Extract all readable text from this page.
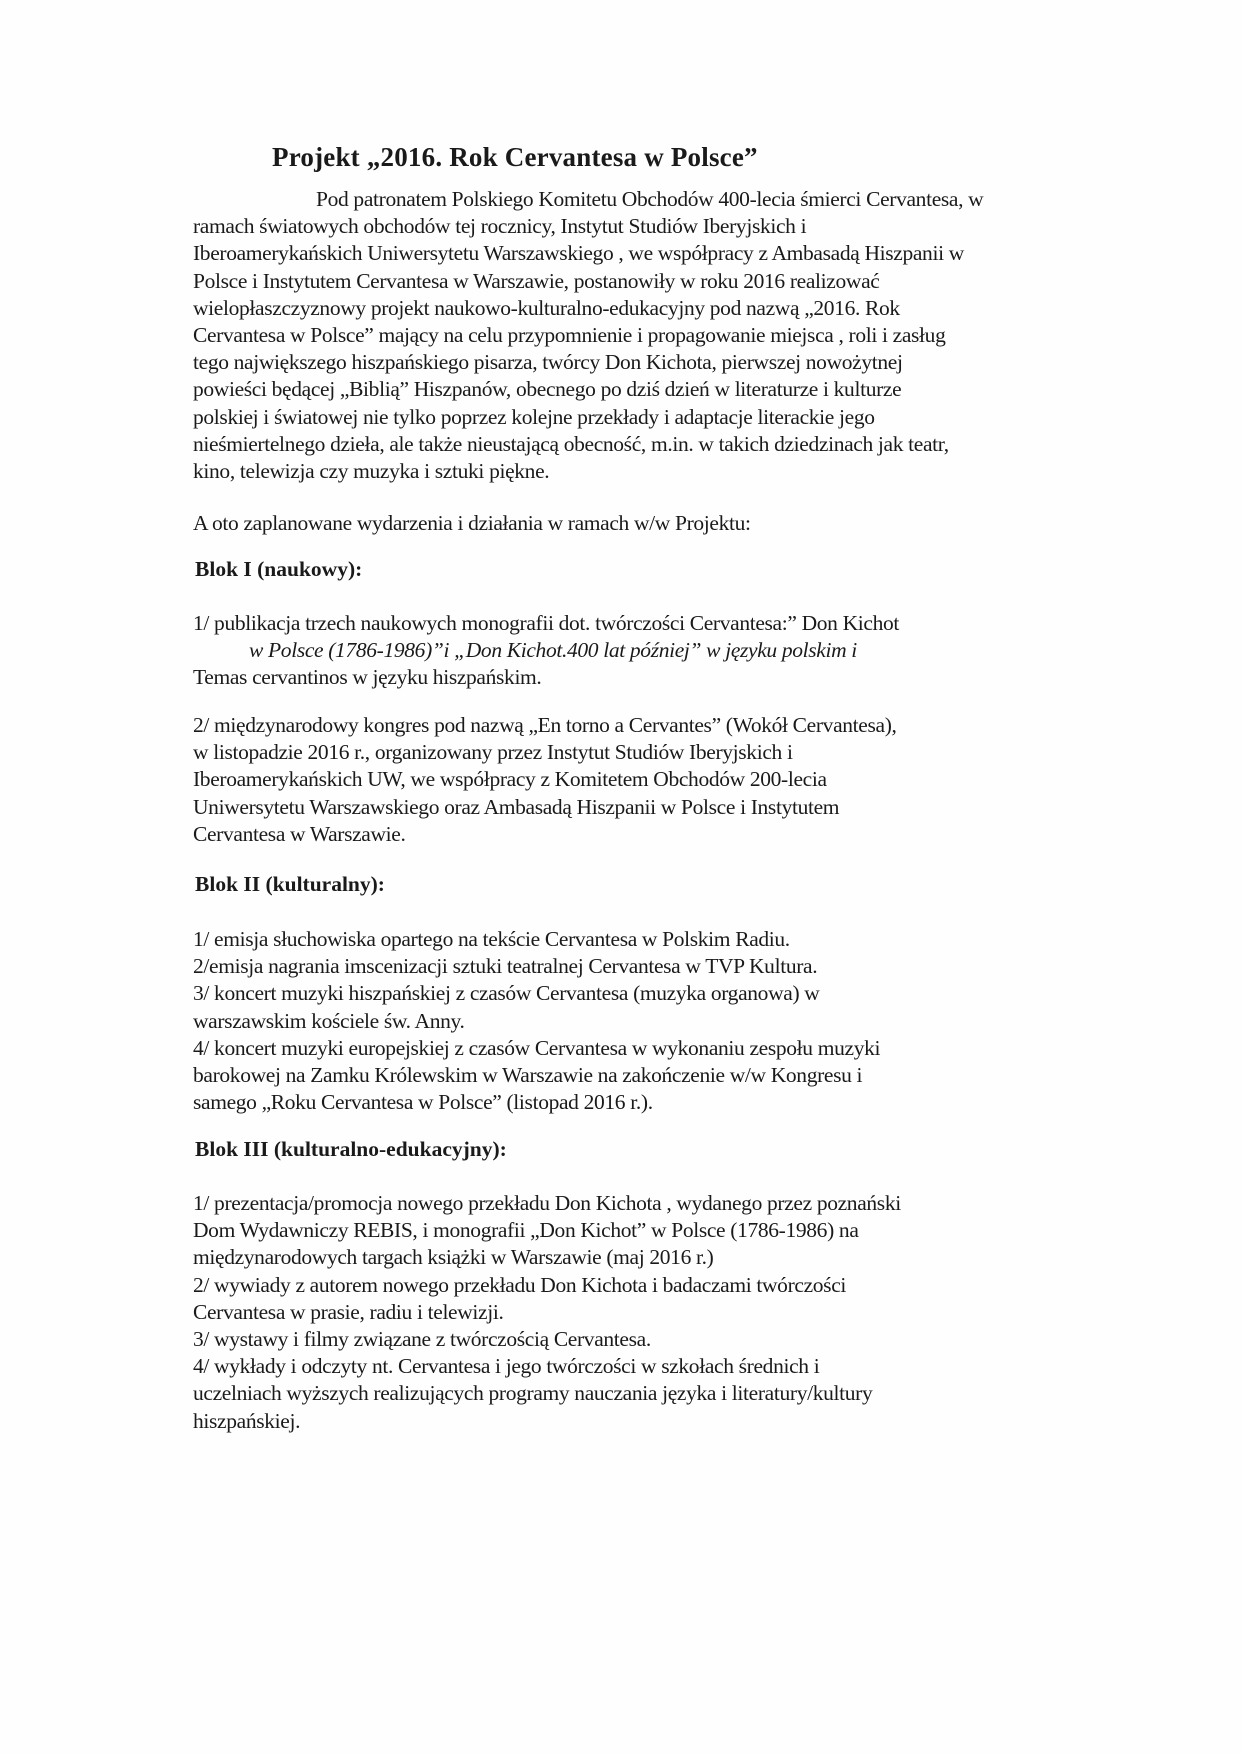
Projekt „2016. Rok Cervantesa w Polsce”
Pod patronatem Polskiego Komitetu Obchodów 400-lecia śmierci Cervantesa, w
ramach światowych obchodów tej rocznicy, Instytut Studiów Iberyjskich i
Iberoamerykańskich Uniwersytetu Warszawskiego , we współpracy z Ambasadą Hiszpanii w
Polsce i Instytutem Cervantesa w Warszawie, postanowiły w roku 2016 realizować
wielopłaszczyznowy projekt naukowo-kulturalno-edukacyjny pod nazwą „2016. Rok
Cervantesa w Polsce” mający na celu przypomnienie i propagowanie miejsca , roli i zasług
tego największego hiszpańskiego pisarza, twórcy Don Kichota, pierwszej nowożytnej
powieści będącej „Biblią” Hiszpanów, obecnego po dziś dzień w literaturze i kulturze
polskiej i światowej nie tylko poprzez kolejne przekłady i adaptacje literackie jego
nieśmiertelnego dzieła, ale także nieustającą obecność, m.in. w takich dziedzinach jak teatr,
kino, telewizja czy muzyka i sztuki piękne.
A oto zaplanowane wydarzenia i działania w ramach w/w Projektu:
Blok I (naukowy):
1/ publikacja trzech naukowych monografii dot. twórczości Cervantesa:” Don Kichot
w Polsce (1786-1986)”i „Don Kichot.400 lat później” w języku polskim i
Temas cervantinos w języku hiszpańskim.
2/ międzynarodowy kongres pod nazwą „En torno a Cervantes” (Wokół Cervantesa),
w listopadzie 2016 r., organizowany przez Instytut Studiów Iberyjskich i
Iberoamerykańskich UW, we współpracy z Komitetem Obchodów 200-lecia
Uniwersytetu Warszawskiego oraz Ambasadą Hiszpanii w Polsce i Instytutem
Cervantesa w Warszawie.
Blok II (kulturalny):
1/ emisja słuchowiska opartego na tekście Cervantesa w Polskim Radiu.
2/emisja nagrania imscenizacji sztuki teatralnej Cervantesa w TVP Kultura.
3/ koncert muzyki hiszpańskiej z czasów Cervantesa (muzyka organowa) w
warszawskim kościele św. Anny.
4/ koncert muzyki europejskiej z czasów Cervantesa w wykonaniu zespołu muzyki
barokowej na Zamku Królewskim w Warszawie na zakończenie w/w Kongresu i
samego „Roku Cervantesa w Polsce” (listopad 2016 r.).
Blok III (kulturalno-edukacyjny):
1/ prezentacja/promocja nowego przekładu Don Kichota , wydanego przez poznański
Dom Wydawniczy REBIS, i monografii „Don Kichot” w Polsce (1786-1986) na
międzynarodowych targach książki w Warszawie (maj 2016 r.)
2/ wywiady z autorem nowego przekładu Don Kichota i badaczami twórczości
Cervantesa w prasie, radiu i telewizji.
3/ wystawy i filmy związane z twórczością Cervantesa.
4/ wykłady i odczyty nt. Cervantesa i jego twórczości w szkołach średnich i
uczelniach wyższych realizujących programy nauczania języka i literatury/kultury
hiszpańskiej.
